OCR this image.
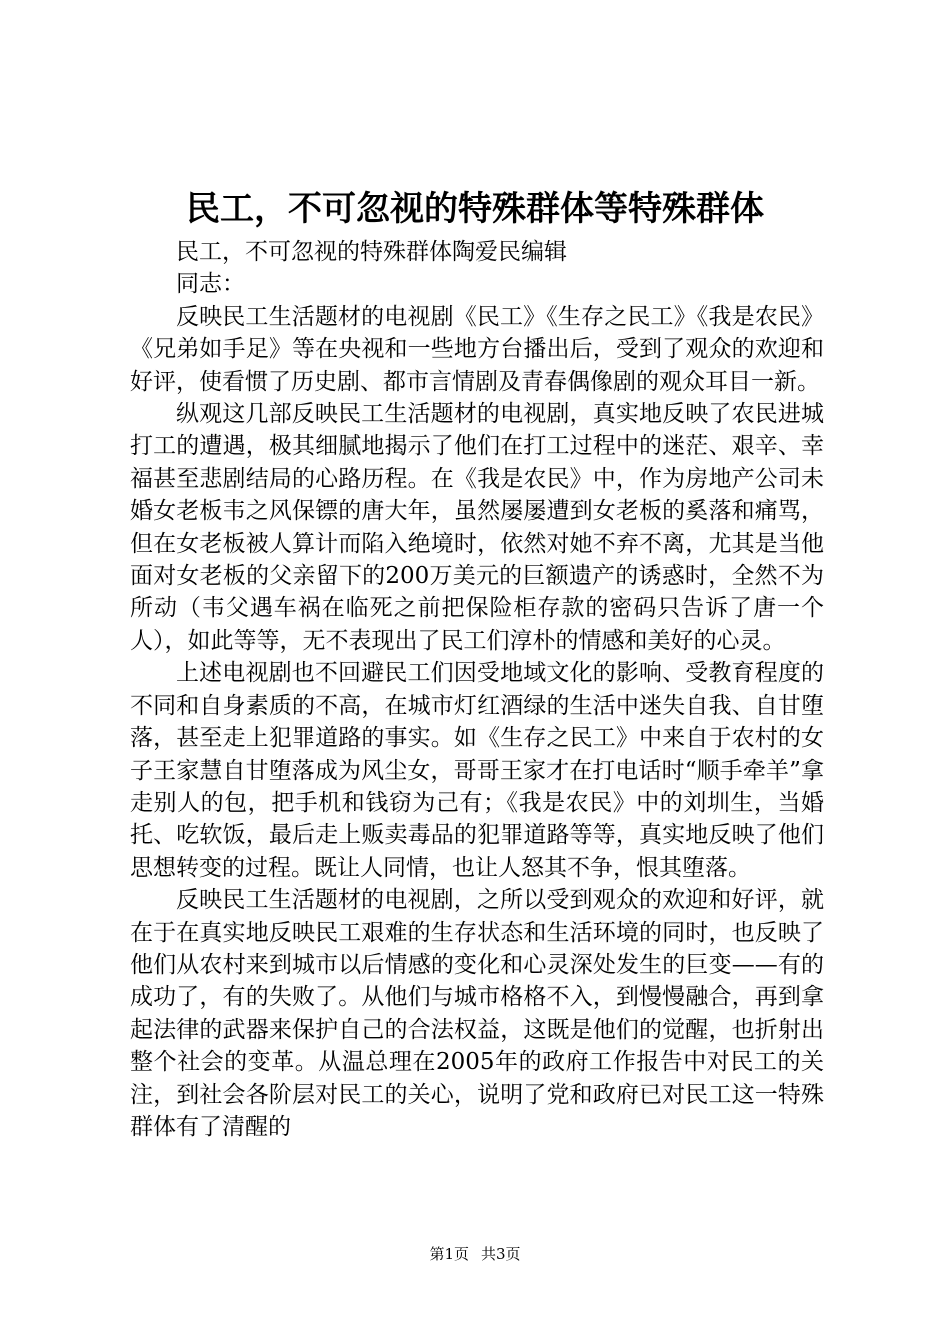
民工，不可忽视的特殊群体等特殊群体

民工，不可忽视的特殊群体陶爱民编辑

同志：

反映民工生活题材的电视剧《民工》《生存之民工》《我是农民》《兄弟如手足》等在央视和一些地方台播出后，受到了观众的欢迎和好评，使看惯了历史剧、都市言情剧及青春偶像剧的观众耳目一新。

纵观这几部反映民工生活题材的电视剧，真实地反映了农民进城打工的遭遇，极其细腻地揭示了他们在打工过程中的迷茫、艰辛、幸福甚至悲剧结局的心路历程。在《我是农民》中，作为房地产公司未婚女老板韦之风保镖的唐大年，虽然屡屡遭到女老板的奚落和痛骂，但在女老板被人算计而陷入绝境时，依然对她不弃不离，尤其是当他面对女老板的父亲留下的200万美元的巨额遗产的诱惑时，全然不为所动（韦父遇车祸在临死之前把保险柜存款的密码只告诉了唐一个人），如此等等，无不表现出了民工们淳朴的情感和美好的心灵。

上述电视剧也不回避民工们因受地域文化的影响、受教育程度的不同和自身素质的不高，在城市灯红酒绿的生活中迷失自我、自甘堕落，甚至走上犯罪道路的事实。如《生存之民工》中来自于农村的女子王家慧自甘堕落成为风尘女，哥哥王家才在打电话时“顺手牵羊”拿走别人的包，把手机和钱窃为己有；《我是农民》中的刘圳生，当婚托、吃软饭，最后走上贩卖毒品的犯罪道路等等，真实地反映了他们思想转变的过程。既让人同情，也让人怒其不争，恨其堕落。

反映民工生活题材的电视剧，之所以受到观众的欢迎和好评，就在于在真实地反映民工艰难的生存状态和生活环境的同时，也反映了他们从农村来到城市以后情感的变化和心灵深处发生的巨变——有的成功了，有的失败了。从他们与城市格格不入，到慢慢融合，再到拿起法律的武器来保护自己的合法权益，这既是他们的觉醒，也折射出整个社会的变革。从温总理在2005年的政府工作报告中对民工的关注，到社会各阶层对民工的关心，说明了党和政府已对民工这一特殊群体有了清醒的

第1页 共3页
